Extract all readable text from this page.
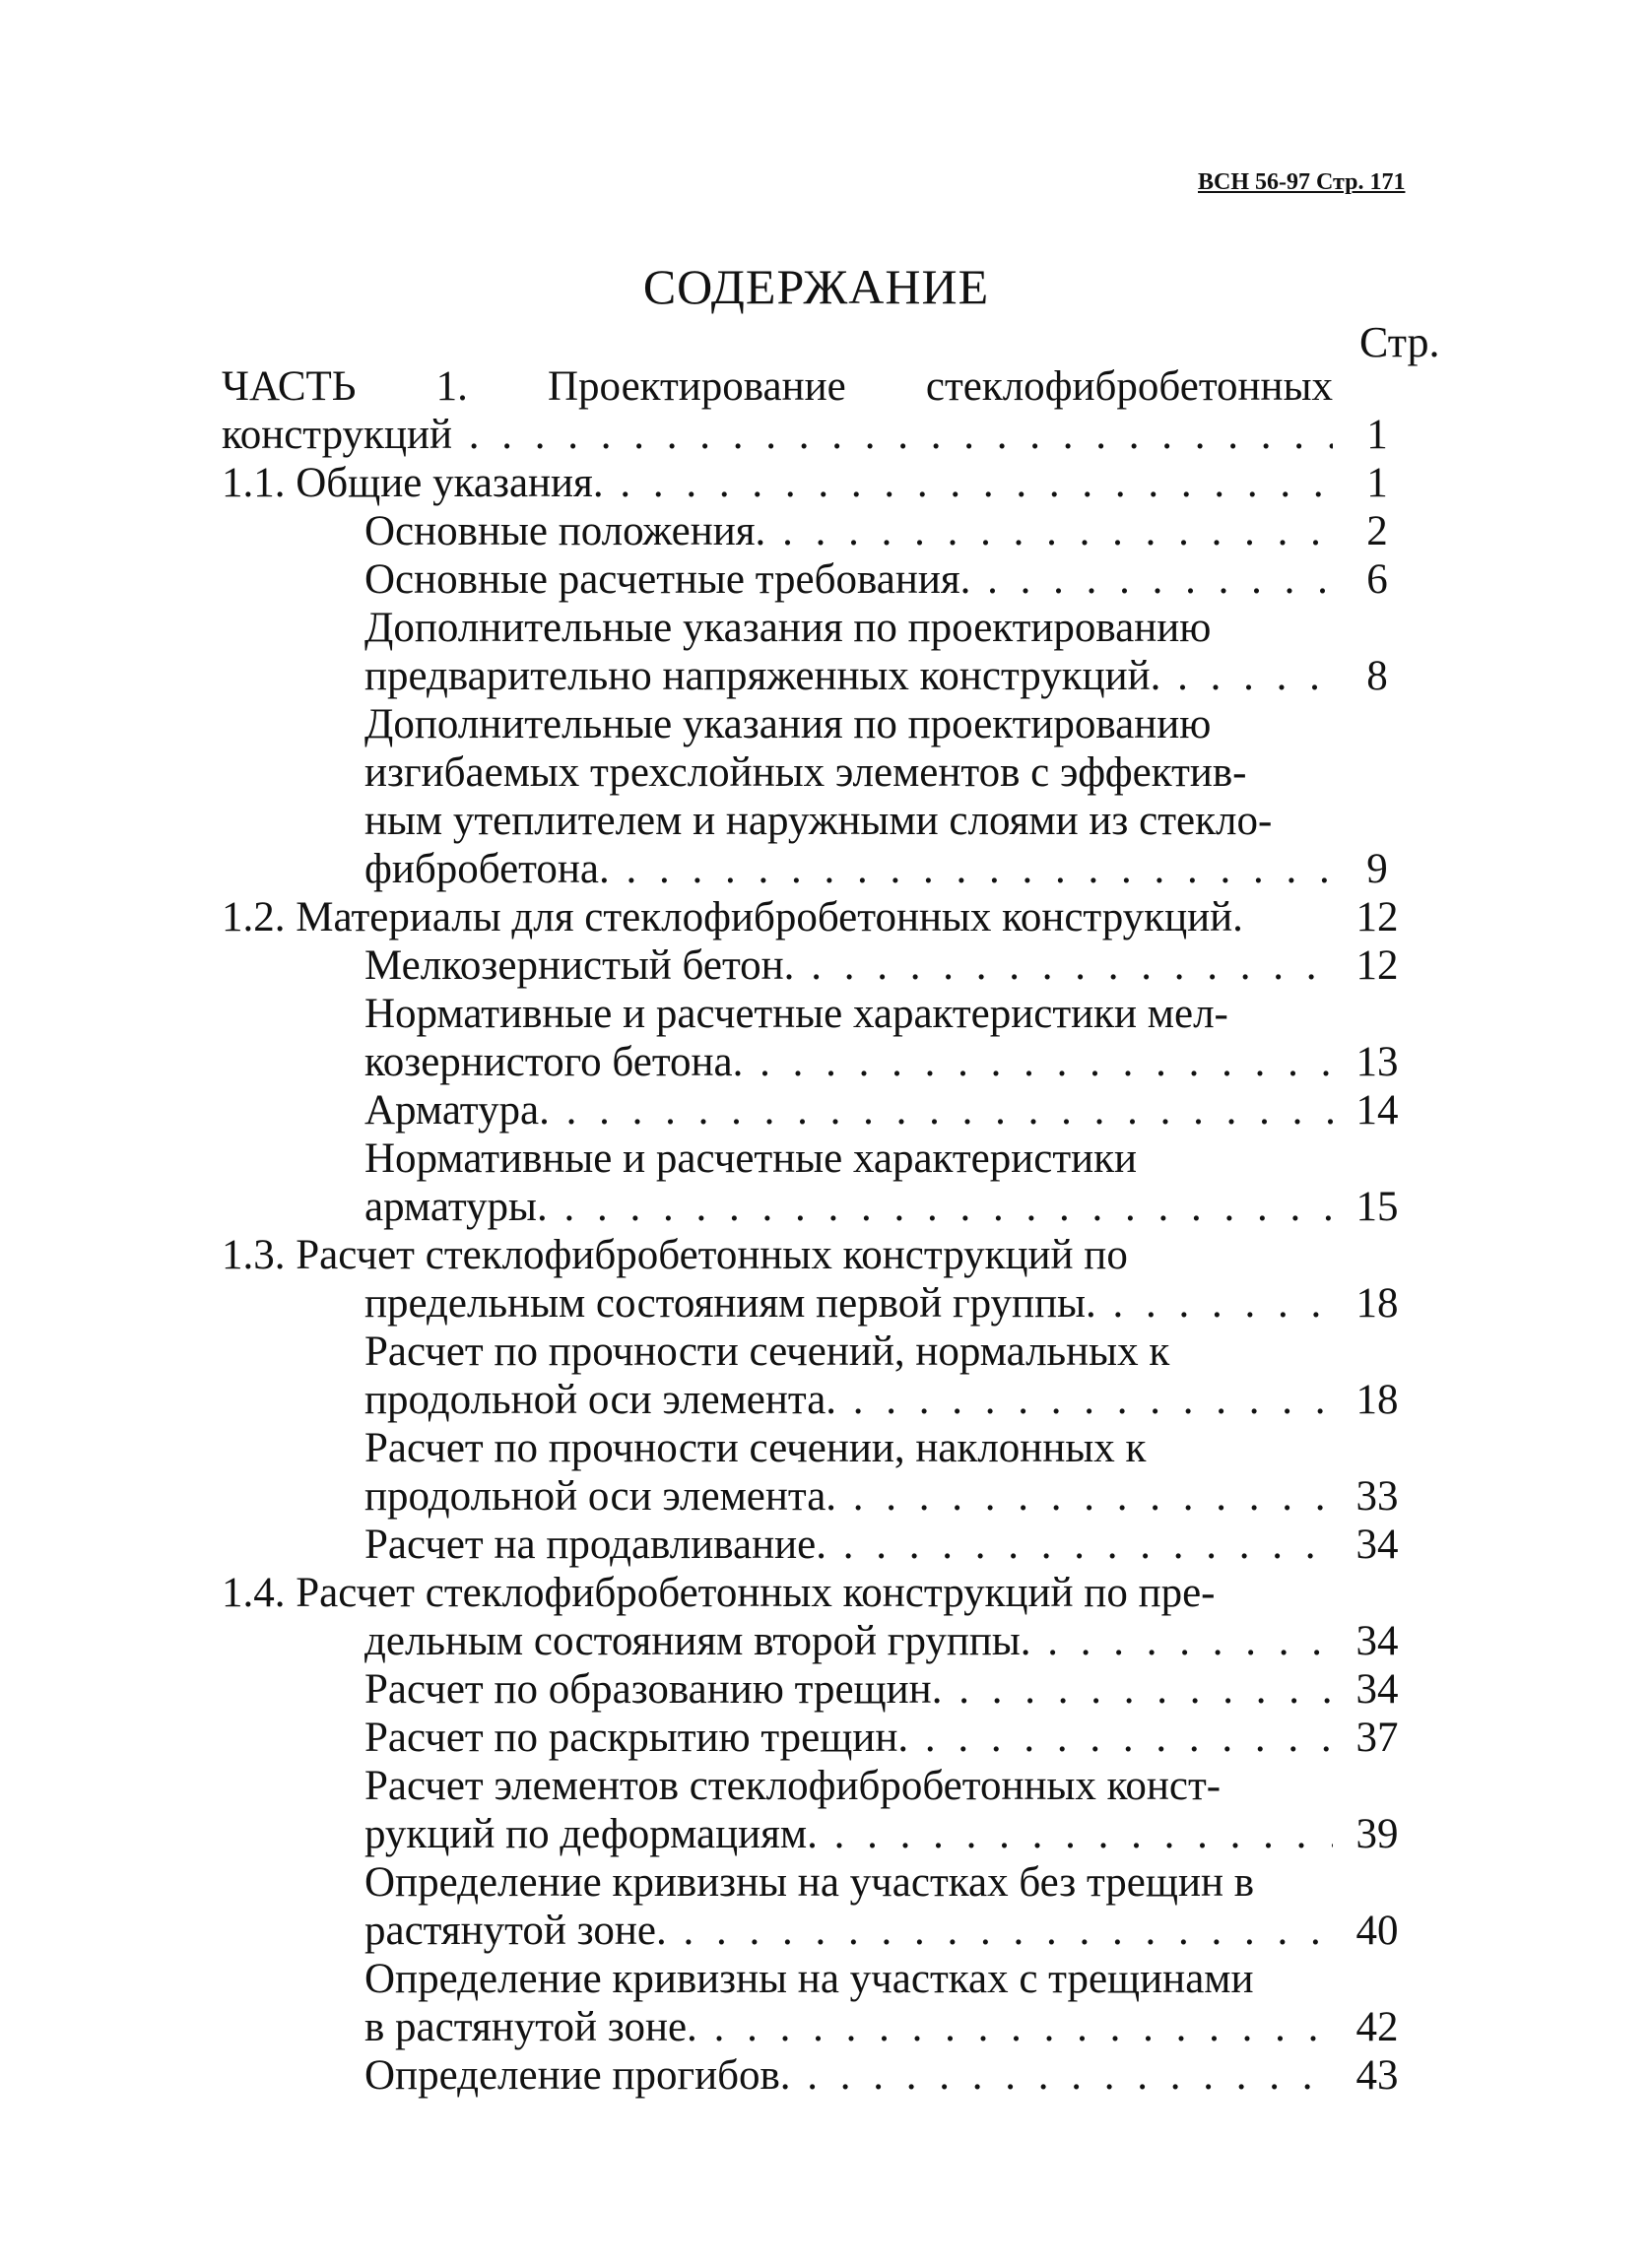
ВСН 56-97 Стр. 171
СОДЕРЖАНИЕ
Стр.
ЧАСТЬ 1. Проектирование стеклофибробетонных
конструкций . . .	1
1.1. Общие указания. . . .	1
Основные положения. . . .	2
Основные расчетные требования. . . .	6
Дополнительные указания по проектированию
предварительно напряженных конструкций. . . .	8
Дополнительные указания по проектированию
изгибаемых трехслойных элементов с эффектив-
ным утеплителем и наружными слоями из стекло-
фибробетона. . . .	9
1.2. Материалы для стеклофибробетонных конструкций.	12
Мелкозернистый бетон. . . .	12
Нормативные и расчетные характеристики мел-
козернистого бетона. . . .	13
Арматура. . . .	14
Нормативные и расчетные характеристики
арматуры. . . .	15
1.3. Расчет стеклофибробетонных конструкций по
предельным состояниям первой группы. . . .	18
Расчет по прочности сечений, нормальных к
продольной оси элемента. . . .	18
Расчет по прочности сечении, наклонных к
продольной оси элемента. . . .	33
Расчет на продавливание. . . .	34
1.4. Расчет стеклофибробетонных конструкций по пре-
дельным состояниям второй группы. . . .	34
Расчет по образованию трещин. . . .	34
Расчет по раскрытию трещин. . . .	37
Расчет элементов стеклофибробетонных конст-
рукций по деформациям. . . .	39
Определение кривизны на участках без трещин в
растянутой зоне. . . .	40
Определение кривизны на участках с трещинами
в растянутой зоне. . . .	42
Определение прогибов. . . .	43
